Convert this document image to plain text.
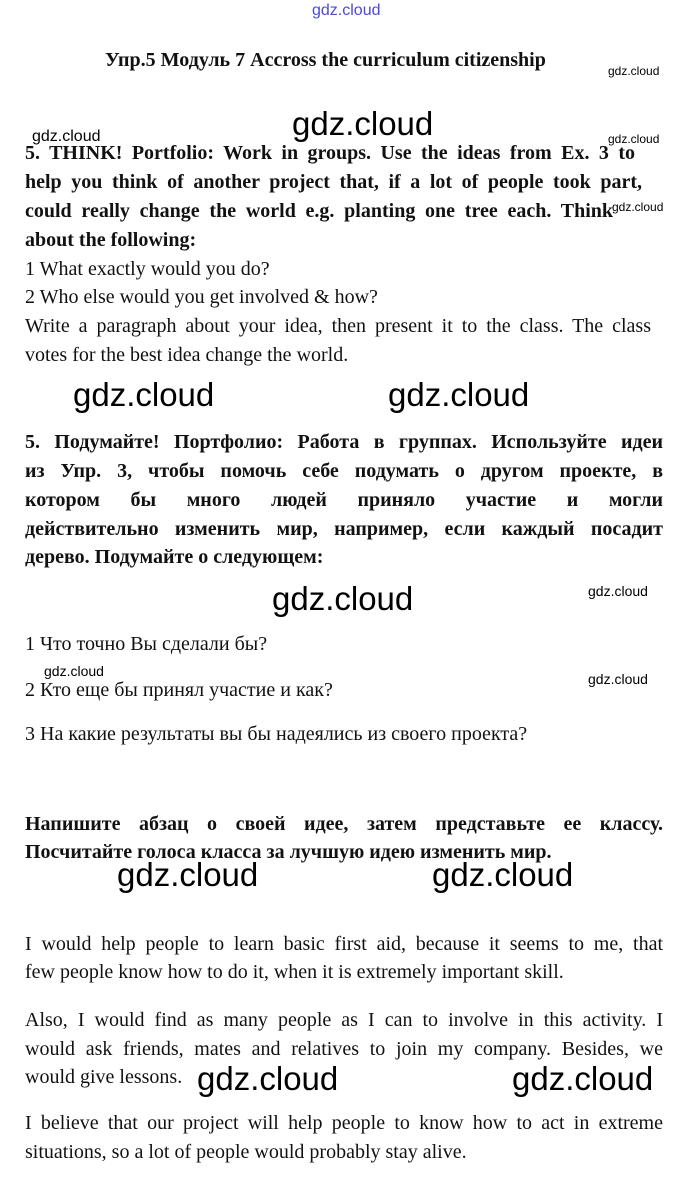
gdz.cloud
Упр.5 Модуль 7 Accross the curriculum citizenship
5. THINK! Portfolio: Work in groups. Use the ideas from Ex. 3 to
help you think of another project that, if a lot of people took part,
could really change the world e.g. planting one tree each. Think
about the following:
1 What exactly would you do?
2 Who else would you get involved & how?
Write a paragraph about your idea, then present it to the class. The class
votes for the best idea change the world.
5. Подумайте! Портфолио: Работа в группах. Используйте идеи
из Упр. 3, чтобы помочь себе подумать о другом проекте, в
котором бы много людей приняло участие и могли
действительно изменить мир, например, если каждый посадит
дерево. Подумайте о следующем:
1 Что точно Вы сделали бы?
2 Кто еще бы принял участие и как?
3 На какие результаты вы бы надеялись из своего проекта?
Напишите абзац о своей идее, затем представьте ее классу.
Посчитайте голоса класса за лучшую идею изменить мир.
I would help people to learn basic first aid, because it seems to me, that
few people know how to do it, when it is extremely important skill.
Also, I would find as many people as I can to involve in this activity. I
would ask friends, mates and relatives to join my company. Besides, we
would give lessons.
I believe that our project will help people to know how to act in extreme
situations, so a lot of people would probably stay alive.
gdz.cloud
gdz.cloud	gdz.cloud
gdz.cloud
gdz.cloud	gdz.cloud
gdz.cloud	gdz.cloud
gdz.cloud
gdz.cloud	gdz.cloud
gdz.cloud
gdz.cloud
gdz.cloud	gdz.cloud
